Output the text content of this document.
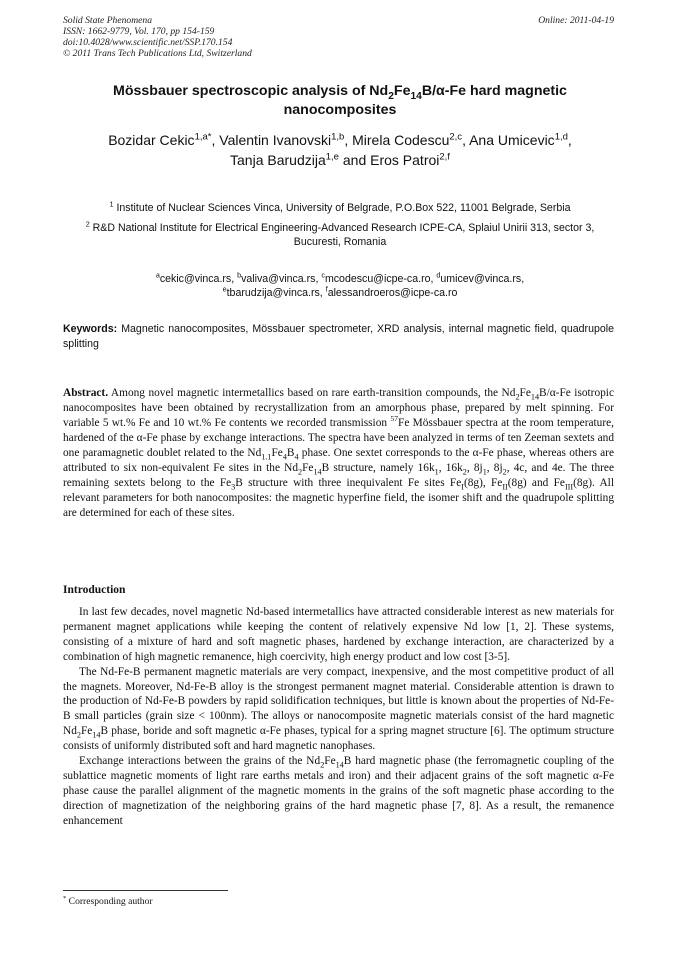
Solid State Phenomena
ISSN: 1662-9779, Vol. 170, pp 154-159
doi:10.4028/www.scientific.net/SSP.170.154
© 2011 Trans Tech Publications Ltd, Switzerland
Online: 2011-04-19
Mössbauer spectroscopic analysis of $Nd_2Fe_{14}B/\alpha-Fe$ hard magnetic nanocomposites
Bozidar Cekic$^{1,a*}$, Valentin Ivanovski$^{1,b}$, Mirela Codescu$^{2,c}$, Ana Umicevic$^{1,d}$,
Tanja Barudzija$^{1,e}$ and Eros Patroi$^{2,f}$

$^1$ Institute of Nuclear Sciences Vinca, University of Belgrade, P.O.Box 522, 11001 Belgrade, Serbia

$^2$ R&D National Institute for Electrical Engineering-Advanced Research ICPE-CA, Splaiul Unirii 313, sector 3, Bucuresti, Romania

$^a$cekic@vinca.rs, $^b$valiva@vinca.rs, $^c$mcodescu@icpe-ca.ro, $^d$umicev@vinca.rs,
$^e$tbarudzija@vinca.rs, $^f$alessandroeros@icpe-ca.ro
Keywords: Magnetic nanocomposites, Mössbauer spectrometer, XRD analysis, internal magnetic field, quadrupole splitting
Abstract. Among novel magnetic intermetallics based on rare earth-transition compounds, the $Nd_2Fe_{14}B/\alpha-Fe$ isotropic nanocomposites have been obtained by recrystallization from an amorphous phase, prepared by melt spinning. For variable 5 wt.% Fe and 10 wt.% Fe contents we recorded transmission $^{57}$Fe Mössbauer spectra at the room temperature, hardened of the α-Fe phase by exchange interactions. The spectra have been analyzed in terms of ten Zeeman sextets and one paramagnetic doublet related to the $Nd_{1.1}Fe_4B_4$ phase. One sextet corresponds to the α-Fe phase, whereas others are attributed to six non-equivalent Fe sites in the $Nd_2Fe_{14}B$ structure, namely $16k_1$, $16k_2$, $8j_1$, $8j_2$, 4c, and 4e. The three remaining sextets belong to the $Fe_3B$ structure with three inequivalent Fe sites $Fe_I(8g)$, $Fe_{II}(8g)$ and $Fe_{III}(8g)$. All relevant parameters for both nanocomposites: the magnetic hyperfine field, the isomer shift and the quadrupole splitting are determined for each of these sites.
Introduction

In last few decades, novel magnetic Nd-based intermetallics have attracted considerable interest as new materials for permanent magnet applications while keeping the content of relatively expensive Nd low [1, 2]. These systems, consisting of a mixture of hard and soft magnetic phases, hardened by exchange interaction, are characterized by a combination of high magnetic remanence, high coercivity, high energy product and low cost [3-5].

The Nd-Fe-B permanent magnetic materials are very compact, inexpensive, and the most competitive product of all the magnets. Moreover, Nd-Fe-B alloy is the strongest permanent magnet material. Considerable attention is drawn to the production of Nd-Fe-B powders by rapid solidification techniques, but little is known about the properties of Nd-Fe-B small particles (grain size < 100nm). The alloys or nanocomposite magnetic materials consist of the hard magnetic $Nd_2Fe_{14}B$ phase, boride and soft magnetic α-Fe phases, typical for a spring magnet structure [6]. The optimum structure consists of uniformly distributed soft and hard magnetic nanophases.

Exchange interactions between the grains of the $Nd_2Fe_{14}B$ hard magnetic phase (the ferromagnetic coupling of the sublattice magnetic moments of light rare earths metals and iron) and their adjacent grains of the soft magnetic α-Fe phase cause the parallel alignment of the magnetic moments in the grains of the soft magnetic phase according to the direction of magnetization of the neighboring grains of the hard magnetic phase [7, 8]. As a result, the remanence enhancement

* Corresponding author
